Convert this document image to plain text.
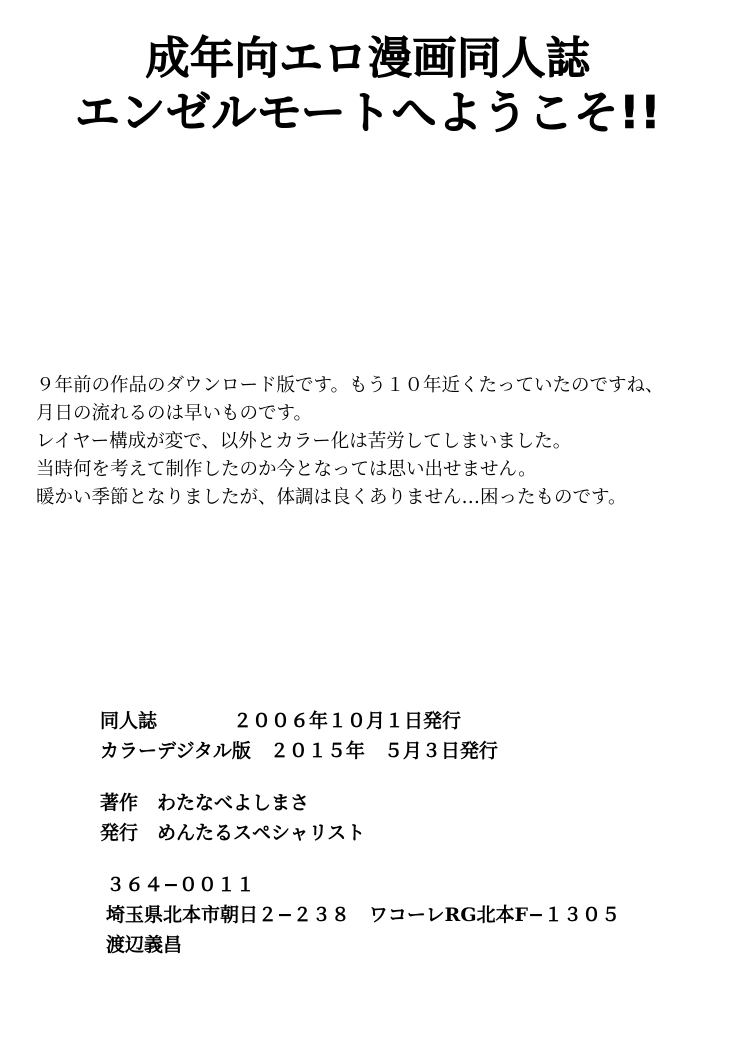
成年向エロ漫画同人誌
エンゼルモートへようこそ!!
９年前の作品のダウンロード版です。もう１０年近くたっていたのですね、
月日の流れるのは早いものです。
レイヤー構成が変で、以外とカラー化は苦労してしまいました。
当時何を考えて制作したのか今となっては思い出せません。
暖かい季節となりましたが、体調は良くありません…困ったものです。
同人誌　　　　２００６年１０月１日発行
カラーデジタル版　２０１５年　５月３日発行
著作　わたなべよしまさ
発行　めんたるスペシャリスト
３６４−００１１
埼玉県北本市朝日２−２３８　ワコーレRG北本F−１３０５
渡辺義昌
